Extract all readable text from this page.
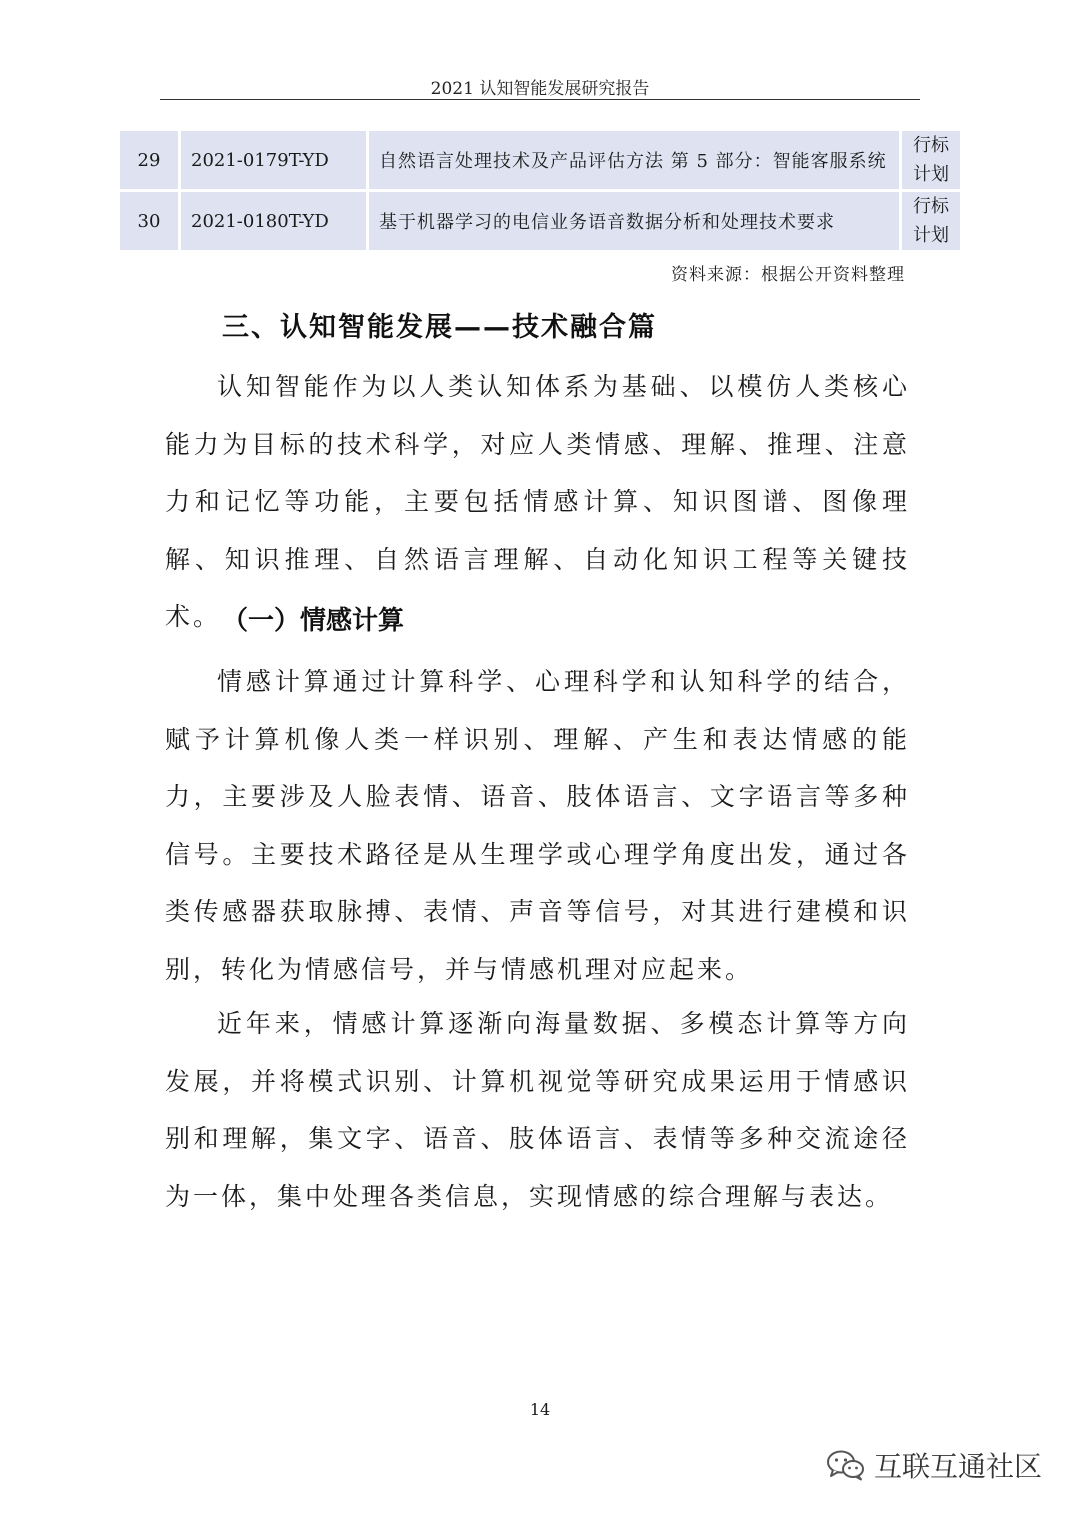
2021 认知智能发展研究报告
29	2021-0179T-YD	自然语言处理技术及产品评估方法 第 5 部分：智能客服系统	行标
计划
30	2021-0180T-YD	基于机器学习的电信业务语音数据分析和处理技术要求	行标
计划
资料来源：根据公开资料整理
三、认知智能发展——技术融合篇

认知智能作为以人类认知体系为基础、以模仿人类核心能力为目标的技术科学，对应人类情感、理解、推理、注意力和记忆等功能，主要包括情感计算、知识图谱、图像理解、知识推理、自然语言理解、自动化知识工程等关键技术。 （一）情感计算

情感计算通过计算科学、心理科学和认知科学的结合，赋予计算机像人类一样识别、理解、产生和表达情感的能力，主要涉及人脸表情、语音、肢体语言、文字语言等多种信号。主要技术路径是从生理学或心理学角度出发，通过各类传感器获取脉搏、表情、声音等信号，对其进行建模和识别，转化为情感信号，并与情感机理对应起来。

近年来，情感计算逐渐向海量数据、多模态计算等方向发展，并将模式识别、计算机视觉等研究成果运用于情感识别和理解，集文字、语音、肢体语言、表情等多种交流途径为一体，集中处理各类信息，实现情感的综合理解与表达。

14
互联互通社区
